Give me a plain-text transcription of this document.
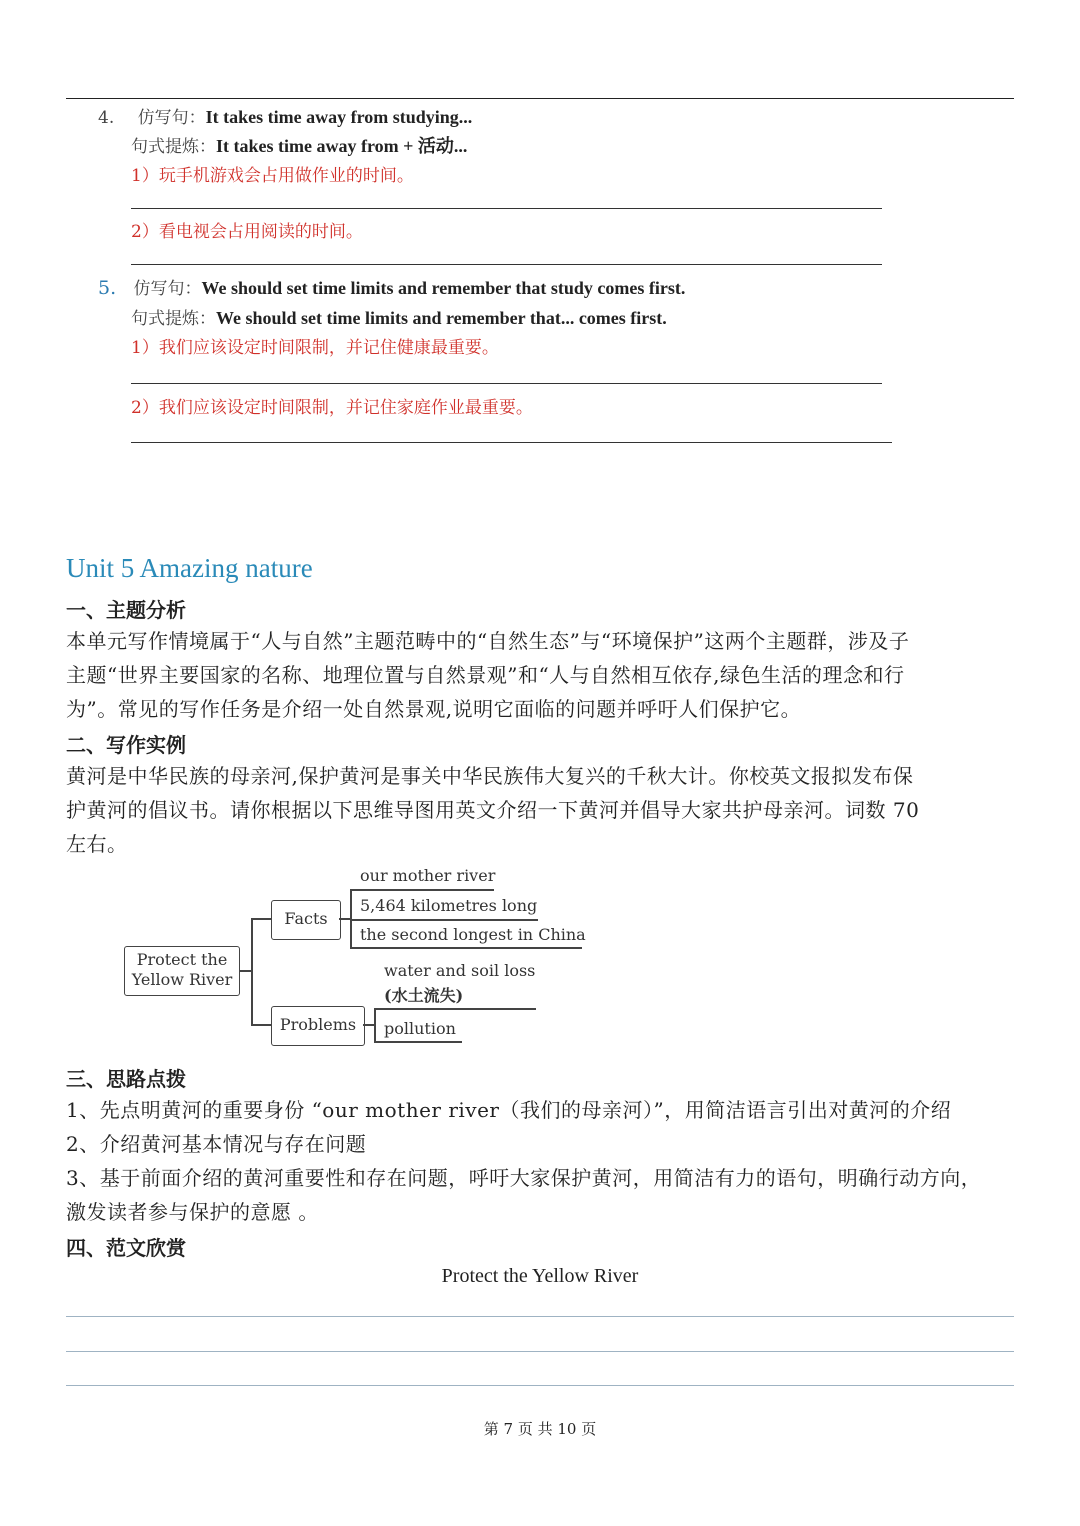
4. 仿写句：It takes time away from studying...
句式提炼：It takes time away from + 活动...
1）玩手机游戏会占用做作业的时间。
2）看电视会占用阅读的时间。
5. 仿写句：We should set time limits and remember that study comes first.
句式提炼：We should set time limits and remember that... comes first.
1）我们应该设定时间限制，并记住健康最重要。
2）我们应该设定时间限制，并记住家庭作业最重要。
Unit 5 Amazing nature
一、主题分析
本单元写作情境属于“人与自然”主题范畴中的“自然生态”与“环境保护”这两个主题群，涉及子
主题“世界主要国家的名称、地理位置与自然景观”和“人与自然相互依存,绿色生活的理念和行
为”。常见的写作任务是介绍一处自然景观,说明它面临的问题并呼吁人们保护它。
二、写作实例
黄河是中华民族的母亲河,保护黄河是事关中华民族伟大复兴的千秋大计。你校英文报拟发布保
护黄河的倡议书。请你根据以下思维导图用英文介绍一下黄河并倡导大家共护母亲河。词数 70
左右。
Protect the Yellow River
Facts
our mother river
5,464 kilometres long
the second longest in China
Problems
water and soil loss
(水土流失)
pollution
三、思路点拨
1、先点明黄河的重要身份 “our mother river（我们的母亲河）”，用简洁语言引出对黄河的介绍
2、介绍黄河基本情况与存在问题
3、基于前面介绍的黄河重要性和存在问题，呼吁大家保护黄河，用简洁有力的语句，明确行动方向，
激发读者参与保护的意愿 。
四、范文欣赏
Protect the Yellow River
第 7 页 共 10 页
